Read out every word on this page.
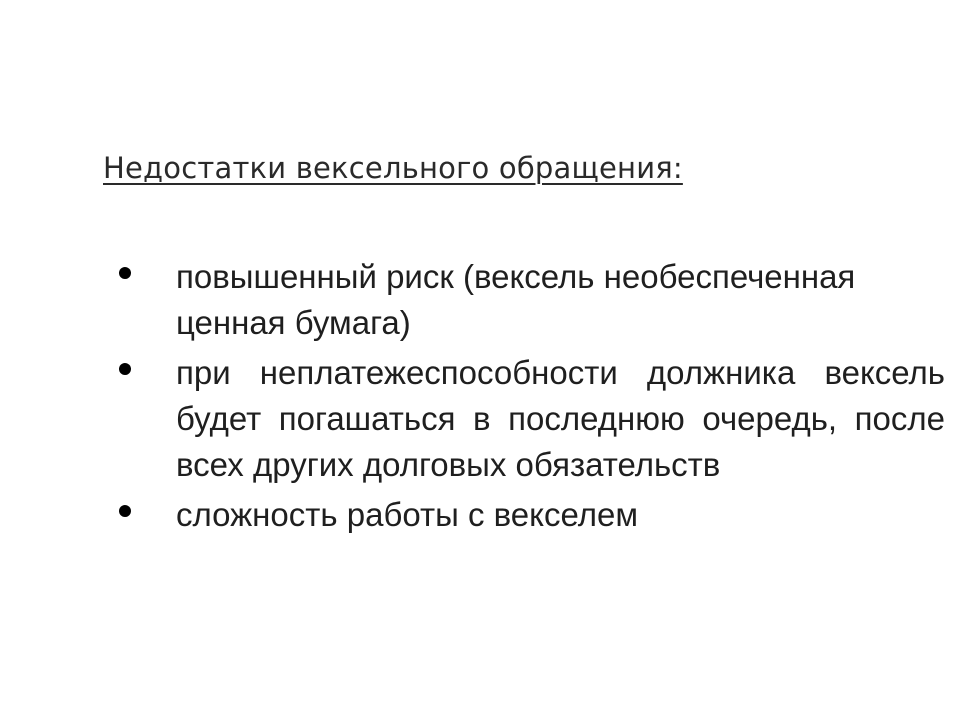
Недостатки вексельного обращения:
повышенный риск (вексель необеспеченная ценная бумага)
при неплатежеспособности должника вексель будет погашаться в последнюю очередь, после всех других долговых обязательств
сложность работы с векселем
